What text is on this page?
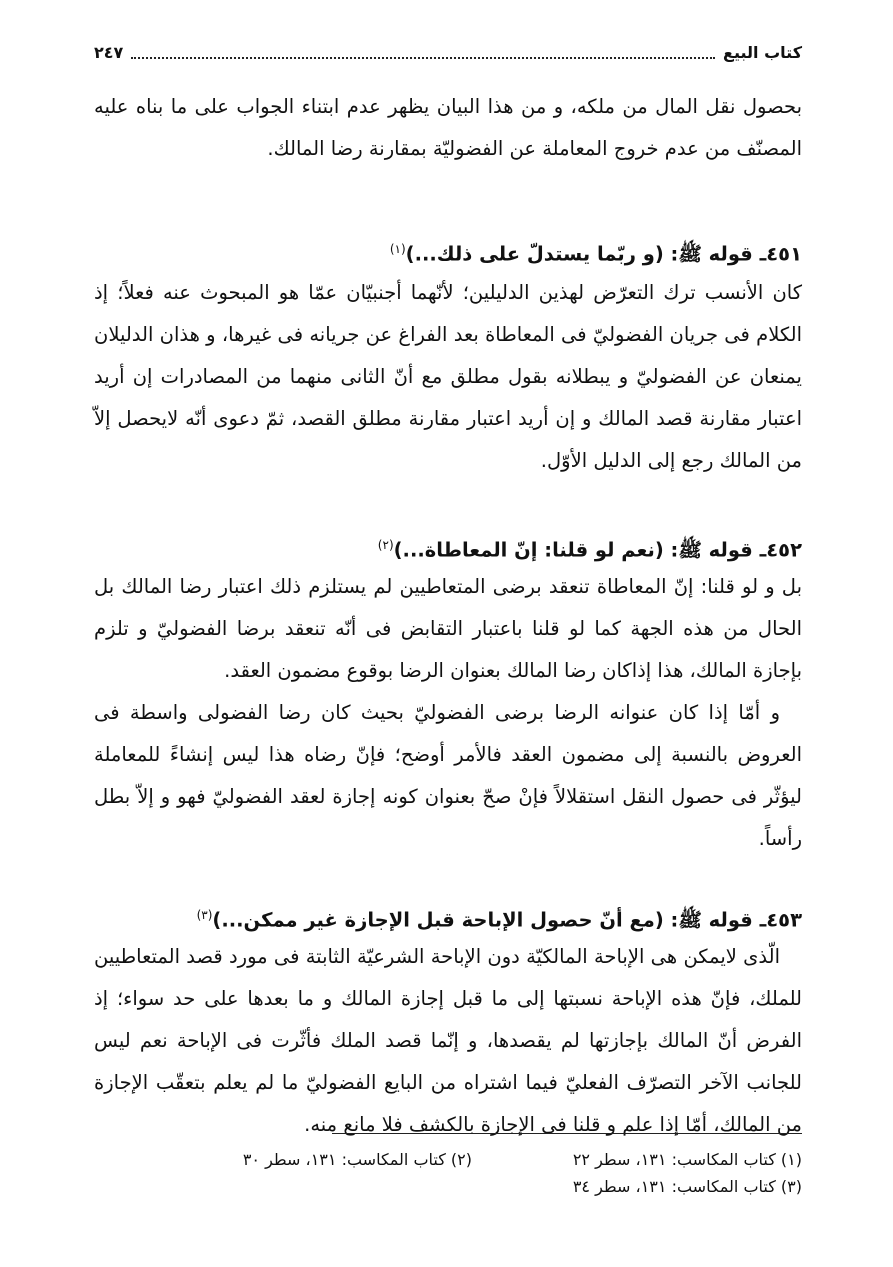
كتاب البيع
٢٤٧

بحصول نقل المال من ملكه، و من هذا البيان يظهر عدم ابتناء الجواب على ما بناه عليه المصنّف من عدم خروج المعاملة عن الفضوليّة بمقارنة رضا المالك.

٤٥١ـ قوله ﷺ: (و ربّما يستدلّ على ذلك...)$^{(١)}$

كان الأنسب ترك التعرّض لهذين الدليلين؛ لأنّهما أجنبيّان عمّا هو المبحوث عنه فعلاً؛ إذ الكلام فى جريان الفضوليّ فى المعاطاة بعد الفراغ عن جريانه فى غيرها، و هذان الدليلان يمنعان عن الفضوليّ و يبطلانه بقول مطلق مع أنّ الثانى منهما من المصادرات إن أريد اعتبار مقارنة قصد المالك و إن أريد اعتبار مقارنة مطلق القصد، ثمّ دعوى أنّه لايحصل إلاّ من المالك رجع إلى الدليل الأوّل.

٤٥٢ـ قوله ﷺ: (نعم لو قلنا: إنّ المعاطاة...)$^{(٢)}$

بل و لو قلنا: إنّ المعاطاة تنعقد برضى المتعاطيين لم يستلزم ذلك اعتبار رضا المالك بل الحال من هذه الجهة كما لو قلنا باعتبار التقابض فى أنّه تنعقد برضا الفضوليّ و تلزم بإجازة المالك، هذا إذاكان رضا المالك بعنوان الرضا بوقوع مضمون العقد.

و أمّا إذا كان عنوانه الرضا برضى الفضوليّ بحيث كان رضا الفضولى واسطة فى العروض بالنسبة إلى مضمون العقد فالأمر أوضح؛ فإنّ رضاه هذا ليس إنشاءً للمعاملة ليؤثّر فى حصول النقل استقلالاً فإنْ صحّ بعنوان كونه إجازة لعقد الفضوليّ فهو و إلاّ بطل رأساً.

٤٥٣ـ قوله ﷺ: (مع أنّ حصول الإباحة قبل الإجازة غير ممكن...)$^{(٣)}$

الّذى لايمكن هى الإباحة المالكيّة دون الإباحة الشرعيّة الثابتة فى مورد قصد المتعاطيين للملك، فإنّ هذه الإباحة نسبتها إلى ما قبل إجازة المالك و ما بعدها على حد سواء؛ إذ الفرض أنّ المالك بإجازتها لم يقصدها، و إنّما قصد الملك فأثّرت فى الإباحة نعم ليس للجانب الآخر التصرّف الفعليّ فيما اشتراه من البايع الفضوليّ ما لم يعلم بتعقّب الإجازة من المالك، أمّا إذا علم و قلنا فى الإجازة بالكشف فلا مانع منه.

(١) كتاب المكاسب: ١٣١، سطر ٢٢
(٢) كتاب المكاسب: ١٣١، سطر ٣٠
(٣) كتاب المكاسب: ١٣١، سطر ٣٤
